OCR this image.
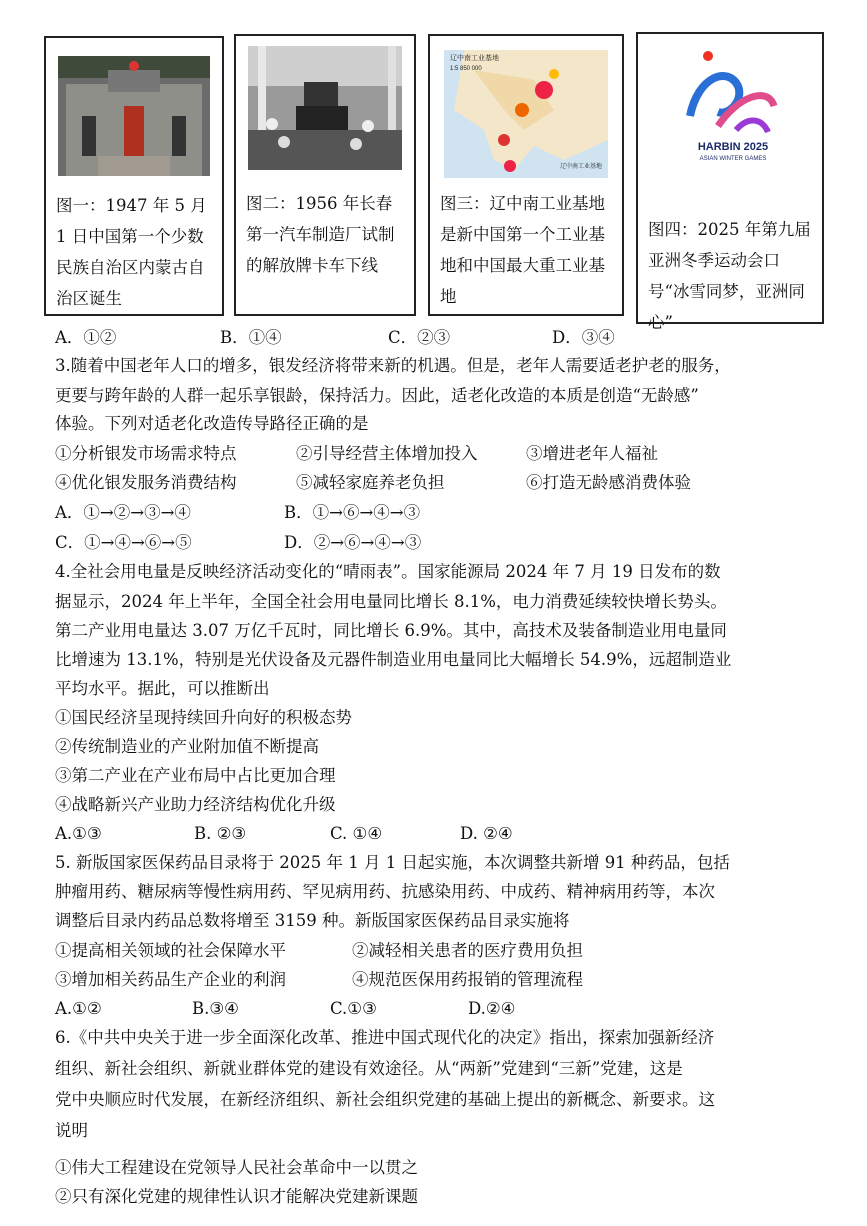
图一：1947 年 5 月 1 日中国第一个少数民族自治区内蒙古自治区诞生
图二：1956 年长春第一汽车制造厂试制的解放牌卡车下线
辽中南工业基地
1:5 850 000
辽中南工业基地
图三：辽中南工业基地是新中国第一个工业基地和中国最大重工业基地
HARBIN 2025
ASIAN WINTER GAMES
图四：2025 年第九届亚洲冬季运动会口号“冰雪同梦，亚洲同心”
A．①②	B．①④	C．②③	D．③④
3.随着中国老年人口的增多，银发经济将带来新的机遇。但是，老年人需要适老护老的服务，
更要与跨年龄的人群一起乐享银龄，保持活力。因此，适老化改造的本质是创造“无龄感”
体验。下列对适老化改造传导路径正确的是
①分析银发市场需求特点	②引导经营主体增加投入	③增进老年人福祉
④优化银发服务消费结构	⑤减轻家庭养老负担	⑥打造无龄感消费体验
A．①→②→③→④	B．①→⑥→④→③
C．①→④→⑥→⑤	D．②→⑥→④→③
4.全社会用电量是反映经济活动变化的“晴雨表”。国家能源局 2024 年 7 月 19 日发布的数
据显示，2024 年上半年，全国全社会用电量同比增长 8.1%，电力消费延续较快增长势头。
第二产业用电量达 3.07 万亿千瓦时，同比增长 6.9%。其中，高技术及装备制造业用电量同
比增速为 13.1%，特别是光伏设备及元器件制造业用电量同比大幅增长 54.9%，远超制造业
平均水平。据此，可以推断出
①国民经济呈现持续回升向好的积极态势
②传统制造业的产业附加值不断提高
③第二产业在产业布局中占比更加合理
④战略新兴产业助力经济结构优化升级
A.①③	B. ②③	C. ①④	D. ②④
5. 新版国家医保药品目录将于 2025 年 1 月 1 日起实施，本次调整共新增 91 种药品，包括
肿瘤用药、糖尿病等慢性病用药、罕见病用药、抗感染用药、中成药、精神病用药等，本次
调整后目录内药品总数将增至 3159 种。新版国家医保药品目录实施将
①提高相关领域的社会保障水平	②减轻相关患者的医疗费用负担
③增加相关药品生产企业的利润	④规范医保用药报销的管理流程
A.①②	B.③④	C.①③	D.②④
6.《中共中央关于进一步全面深化改革、推进中国式现代化的决定》指出，探索加强新经济
组织、新社会组织、新就业群体党的建设有效途径。从“两新”党建到“三新”党建，这是
党中央顺应时代发展，在新经济组织、新社会组织党建的基础上提出的新概念、新要求。这
说明
①伟大工程建设在党领导人民社会革命中一以贯之
②只有深化党建的规律性认识才能解决党建新课题
